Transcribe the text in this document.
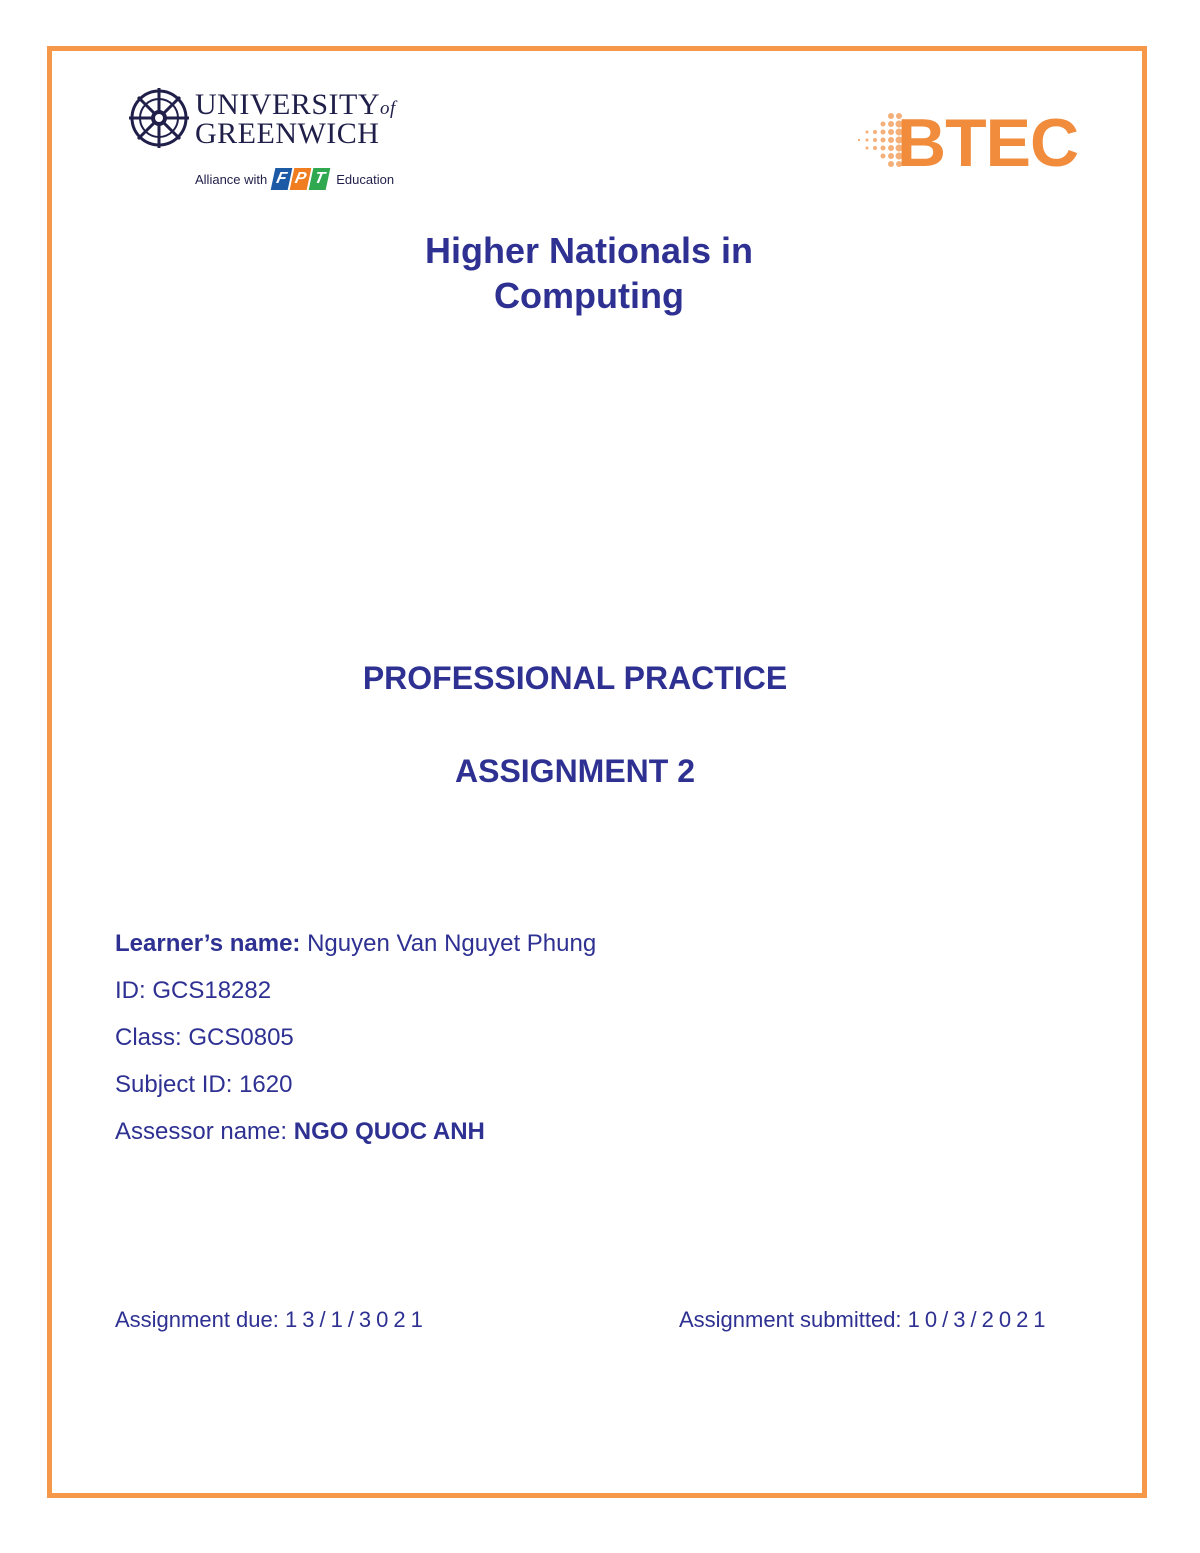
UNIVERSITYof
GREENWICH
Alliance with F P T Education	BTEC
Higher Nationals in
Computing
PROFESSIONAL PRACTICE
ASSIGNMENT 2
Learner’s name: Nguyen Van Nguyet Phung
ID: GCS18282
Class: GCS0805
Subject ID: 1620
Assessor name: NGO QUOC ANH
Assignment due: 13/1/3021	Assignment submitted: 10/3/2021
